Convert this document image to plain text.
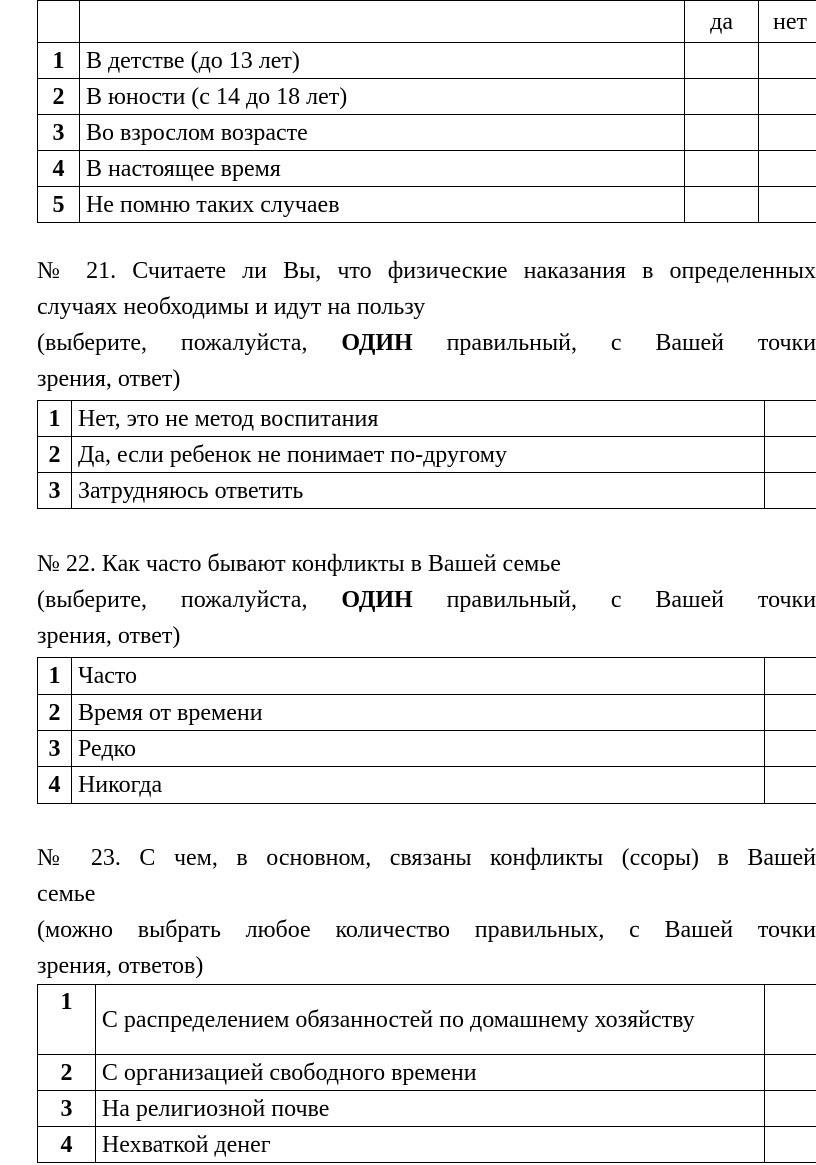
		да	нет
1	В детстве (до 13 лет)		
2	В юности (с 14 до 18 лет)		
3	Во взрослом возрасте		
4	В настоящее время		
5	Не помню таких случаев		

№ 21. Считаете ли Вы, что физические наказания в определенных

случаях необходимы и идут на пользу

(выберите, пожалуйста, ОДИН правильный, с Вашей точки

зрения, ответ)

1	Нет, это не метод воспитания	
2	Да, если ребенок не понимает по-другому	
3	Затрудняюсь ответить	

№ 22. Как часто бывают конфликты в Вашей семье

(выберите, пожалуйста, ОДИН правильный, с Вашей точки

зрения, ответ)

1	Часто	
2	Время от времени	
3	Редко	
4	Никогда	

№ 23. С чем, в основном, связаны конфликты (ссоры) в Вашей

семье

(можно выбрать любое количество правильных, с Вашей точки

зрения, ответов)

1	С распределением обязанностей по домашнему хозяйству	
2	С организацией свободного времени	
3	На религиозной почве	
4	Нехваткой денег	
